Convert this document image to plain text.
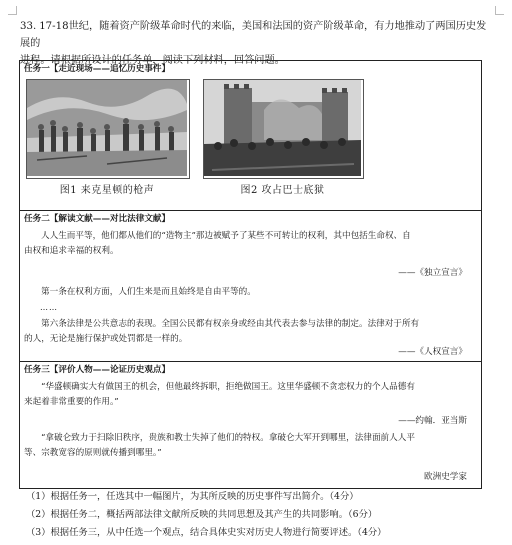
33. 17-18世纪，随着资产阶级革命时代的来临，美国和法国的资产阶级革命，有力地推动了两国历史发展的
进程。请根据所设计的任务单，阅读下列材料，回答问题。
任务一【走近现场——追忆历史事件】
图1 来克星顿的枪声	图2 攻占巴士底狱
任务二【解读文献——对比法律文献】
人人生而平等，他们都从他们的“造物主”那边被赋予了某些不可转让的权利，其中包括生命权、自
由权和追求幸福的权利。
——《独立宣言》
第一条在权利方面，人们生来是而且始终是自由平等的。
……
第六条法律是公共意志的表现。全国公民都有权亲身或经由其代表去参与法律的制定。法律对于所有
的人，无论是施行保护或处罚都是一样的。
——《人权宣言》
任务三【评价人物——论证历史观点】
“华盛顿确实大有做国王的机会，但他最终拆职，拒绝做国王。这里华盛顿不贪恋权力的个人品德有
来起着非常重要的作用。”
——约翰．亚当斯
“拿破仑致力于扫除旧秩序，贵族和教士失掉了他们的特权。拿破仑大军开到哪里，法律面前人人平
等、宗教宽容的原则就传播到哪里。”
欧洲史学家
（1）根据任务一，任选其中一幅图片，为其所反映的历史事件写出简介。（4分）
（2）根据任务二，概括两部法律文献所反映的共同思想及其产生的共同影响。（6分）
（3）根据任务三，从中任选一个观点，结合具体史实对历史人物进行简要评述。（4分）
